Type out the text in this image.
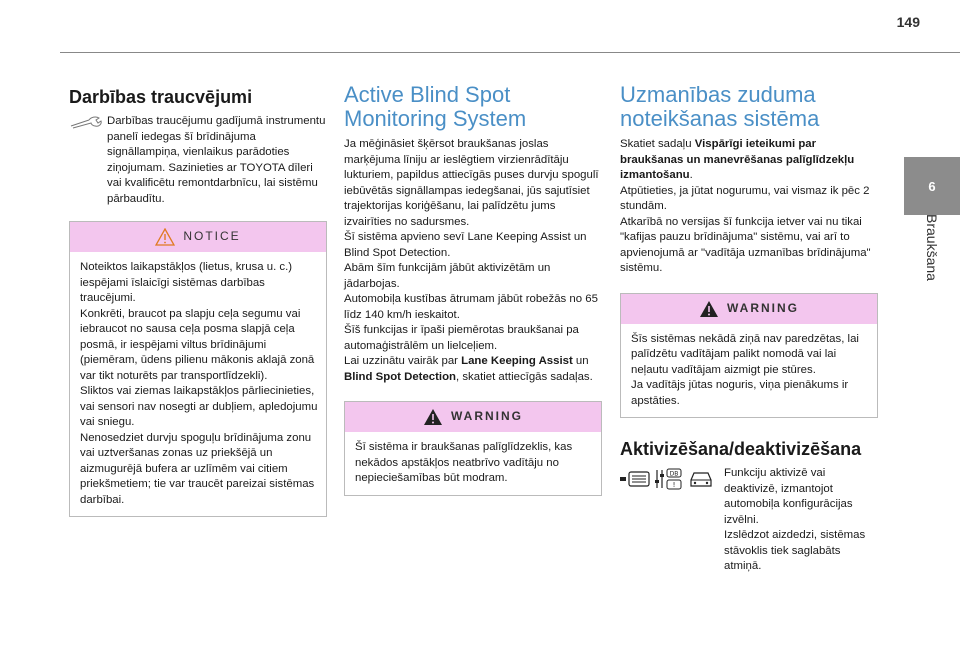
149
6
Braukšana
Darbības traucvējumi

Darbības traucējumu gadījumā instrumentu panelī iedegas šī brīdinājuma signāllampiņa, vienlaikus parādoties ziņojumam. Sazinieties ar TOYOTA dīleri vai kvalificētu remontdarbnīcu, lai sistēmu pārbaudītu.

NOTICE

Noteiktos laikapstākļos (lietus, krusa u. c.) iespējami īslaicīgi sistēmas darbības traucējumi.
Konkrēti, braucot pa slapju ceļa segumu vai iebraucot no sausa ceļa posma slapjā ceļa posmā, ir iespējami viltus brīdinājumi (piemēram, ūdens pilienu mākonis aklajā zonā var tikt noturēts par transportlīdzekli).
Sliktos vai ziemas laikapstākļos pārliecinieties, vai sensori nav nosegti ar dubļiem, apledojumu vai sniegu.
Nenosedziet durvju spoguļu brīdinājuma zonu vai uztveršanas zonas uz priekšējā un aizmugurējā bufera ar uzlīmēm vai citiem priekšmetiem; tie var traucēt pareizai sistēmas darbībai.

Active Blind Spot Monitoring System

Ja mēģināsiet šķērsot braukšanas joslas marķējuma līniju ar ieslēgtiem virzienrādītāju lukturiem, papildus attiecīgās puses durvju spogulī iebūvētās signāllampas iedegšanai, jūs sajutīsiet trajektorijas koriģēšanu, lai palīdzētu jums izvairīties no sadursmes.
Šī sistēma apvieno sevī Lane Keeping Assist un Blind Spot Detection.
Abām šīm funkcijām jābūt aktivizētām un jādarbojas.
Automobiļa kustības ātrumam jābūt robežās no 65 līdz 140 km/h ieskaitot.
Šīš funkcijas ir īpaši piemērotas braukšanai pa automaģistrālēm un lielceļiem.

Lai uzzinātu vairāk par Lane Keeping Assist un Blind Spot Detection, skatiet attiecīgās sadaļas.

WARNING

Šī sistēma ir braukšanas palīglīdzeklis, kas nekādos apstākļos neatbrīvo vadītāju no nepieciešamības būt modram.

Uzmanības zuduma noteikšanas sistēma

Skatiet sadaļu Vispārīgi ieteikumi par braukšanas un manevrēšanas palīglīdzekļu izmantošanu.

Atpūtieties, ja jūtat nogurumu, vai vismaz ik pēc 2 stundām.
Atkarībā no versijas šī funkcija ietver vai nu tikai "kafijas pauzu brīdinājuma" sistēmu, vai arī to apvienojumā ar "vadītāja uzmanības brīdinājuma" sistēmu.

WARNING

Šīs sistēmas nekādā ziņā nav paredzētas, lai palīdzētu vadītājam palikt nomodā vai lai neļautu vadītājam aizmigt pie stūres.
Ja vadītājs jūtas noguris, viņa pienākums ir apstāties.

Aktivizēšana/deaktivizēšana
DB
!

Funkciju aktivizē vai deaktivizē, izmantojot automobiļa konfigurācijas izvēlni.
Izslēdzot aizdedzi, sistēmas stāvoklis tiek saglabāts atmiņā.
